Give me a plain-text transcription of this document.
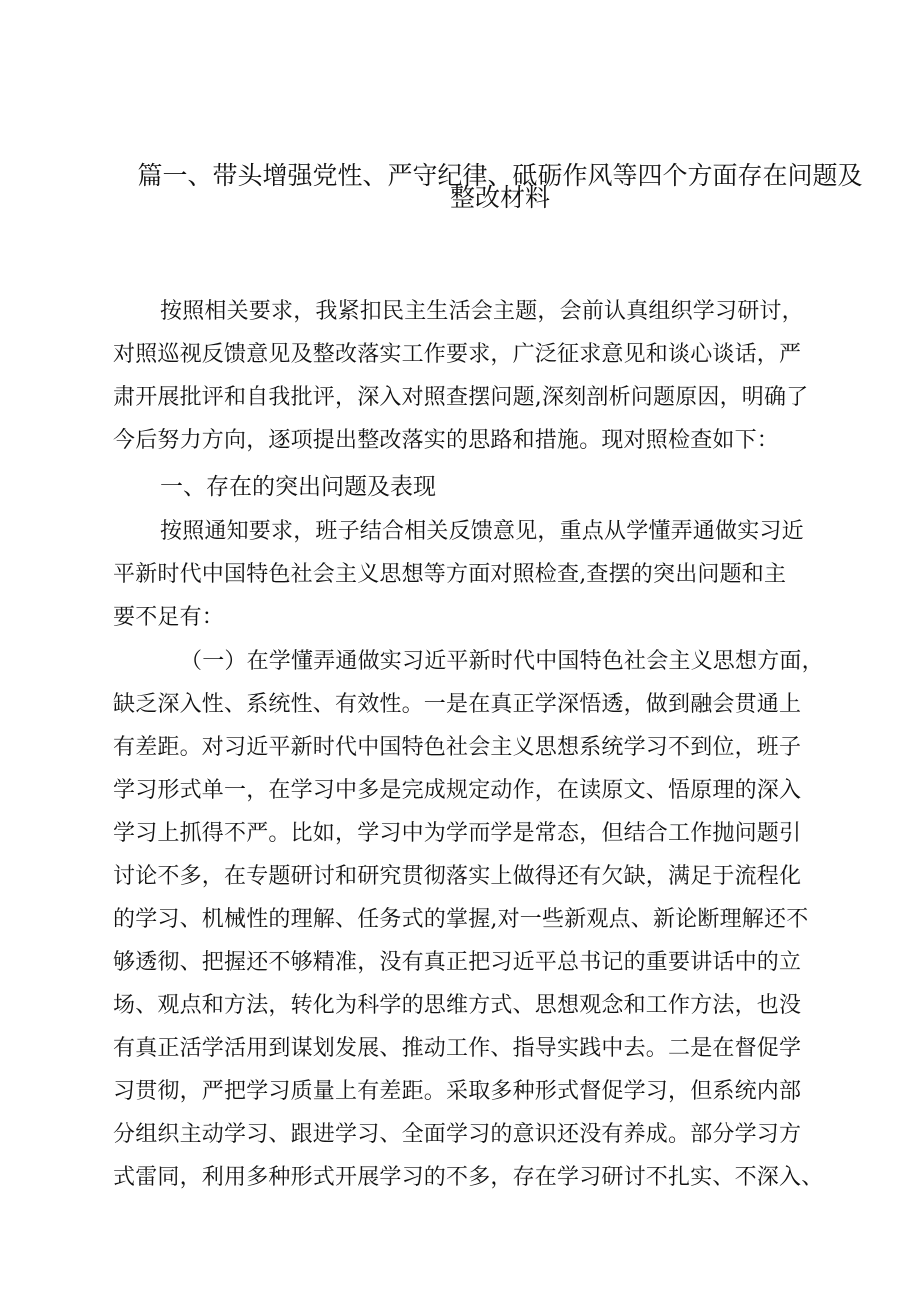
篇一、带头增强党性、严守纪律、砥砺作风等四个方面存在问题及
整改材料
按照相关要求，我紧扣民主生活会主题，会前认真组织学习研讨，
对照巡视反馈意见及整改落实工作要求，广泛征求意见和谈心谈话，严
肃开展批评和自我批评，深入对照查摆问题,深刻剖析问题原因，明确了
今后努力方向，逐项提出整改落实的思路和措施。现对照检查如下：
一、存在的突出问题及表现
按照通知要求，班子结合相关反馈意见，重点从学懂弄通做实习近
平新时代中国特色社会主义思想等方面对照检查,查摆的突出问题和主
要不足有：
（一）在学懂弄通做实习近平新时代中国特色社会主义思想方面，
缺乏深入性、系统性、有效性。一是在真正学深悟透，做到融会贯通上
有差距。对习近平新时代中国特色社会主义思想系统学习不到位，班子
学习形式单一，在学习中多是完成规定动作，在读原文、悟原理的深入
学习上抓得不严。比如，学习中为学而学是常态，但结合工作抛问题引
讨论不多，在专题研讨和研究贯彻落实上做得还有欠缺，满足于流程化
的学习、机械性的理解、任务式的掌握,对一些新观点、新论断理解还不
够透彻、把握还不够精准，没有真正把习近平总书记的重要讲话中的立
场、观点和方法，转化为科学的思维方式、思想观念和工作方法，也没
有真正活学活用到谋划发展、推动工作、指导实践中去。二是在督促学
习贯彻，严把学习质量上有差距。采取多种形式督促学习，但系统内部
分组织主动学习、跟进学习、全面学习的意识还没有养成。部分学习方
式雷同，利用多种形式开展学习的不多，存在学习研讨不扎实、不深入、
